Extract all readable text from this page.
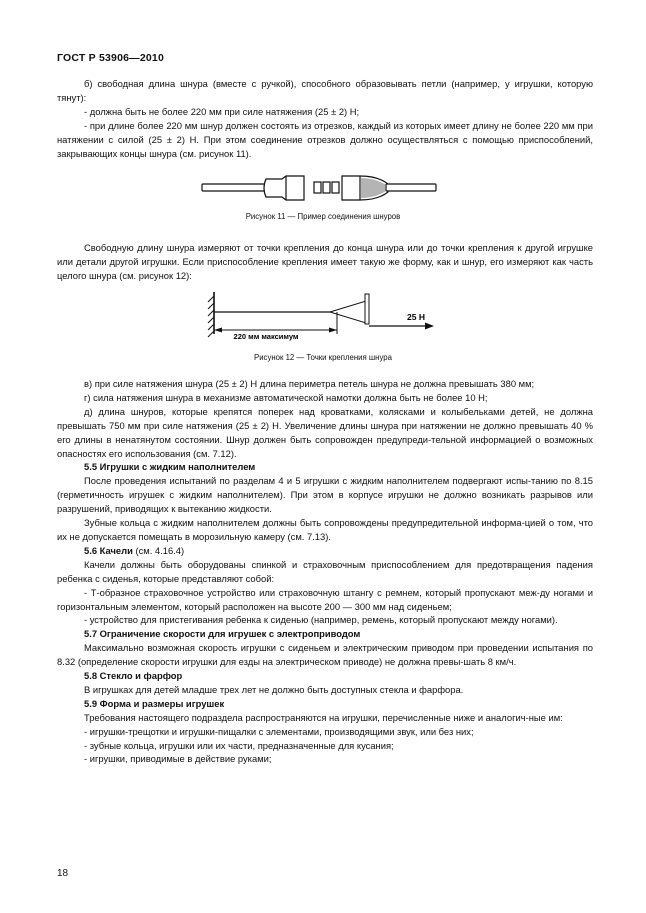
ГОСТ Р 53906—2010

б) свободная длина шнура (вместе с ручкой), способного образовывать петли (например, у игрушки, которую тянут):

- должна быть не более 220 мм при силе натяжения (25 ± 2) Н;

- при длине более 220 мм шнур должен состоять из отрезков, каждый из которых имеет длину не более 220 мм при натяжении с силой (25 ± 2) Н. При этом соединение отрезков должно осуществляться с помощью приспособлений, закрывающих концы шнура (см. рисунок 11).

Рисунок 11 — Пример соединения шнуров

Свободную длину шнура измеряют от точки крепления до конца шнура или до точки крепления к другой игрушке или детали другой игрушки. Если приспособление крепления имеет такую же форму, как и шнур, его измеряют как часть целого шнура (см. рисунок 12):

220 мм максимум
25 Н
Рисунок 12 — Точки крепления шнура

в) при силе натяжения шнура (25 ± 2) Н длина периметра петель шнура не должна превышать 380 мм;

г) сила натяжения шнура в механизме автоматической намотки должна быть не более 10 Н;

д) длина шнуров, которые крепятся поперек над кроватками, колясками и колыбельками детей, не должна превышать 750 мм при силе натяжения (25 ± 2) Н. Увеличение длины шнура при натяжении не должно превышать 40 % его длины в ненатянутом состоянии. Шнур должен быть сопровожден предупреди-тельной информацией о возможных опасностях его использования (см. 7.12).

5.5 Игрушки с жидким наполнителем

После проведения испытаний по разделам 4 и 5 игрушки с жидким наполнителем подвергают испы-танию по 8.15 (герметичность игрушек с жидким наполнителем). При этом в корпусе игрушки не должно возникать разрывов или разрушений, приводящих к вытеканию жидкости.

Зубные кольца с жидким наполнителем должны быть сопровождены предупредительной информа-цией о том, что их не допускается помещать в морозильную камеру (см. 7.13).

5.6 Качели (см. 4.16.4)

Качели должны быть оборудованы спинкой и страховочным приспособлением для предотвращения падения ребенка с сиденья, которые представляют собой:

- Т-образное страховочное устройство или страховочную штангу с ремнем, который пропускают меж-ду ногами и горизонтальным элементом, который расположен на высоте 200 — 300 мм над сиденьем;

- устройство для пристегивания ребенка к сиденью (например, ремень, который пропускают между ногами).

5.7 Ограничение скорости для игрушек с электроприводом

Максимально возможная скорость игрушки с сиденьем и электрическим приводом при проведении испытания по 8.32 (определение скорости игрушки для езды на электрическом приводе) не должна превы-шать 8 км/ч.

5.8 Стекло и фарфор

В игрушках для детей младше трех лет не должно быть доступных стекла и фарфора.

5.9 Форма и размеры игрушек

Требования настоящего подраздела распространяются на игрушки, перечисленные ниже и аналогич-ные им:

- игрушки-трещотки и игрушки-пищалки с элементами, производящими звук, или без них;

- зубные кольца, игрушки или их части, предназначенные для кусания;

- игрушки, приводимые в действие руками;

18
